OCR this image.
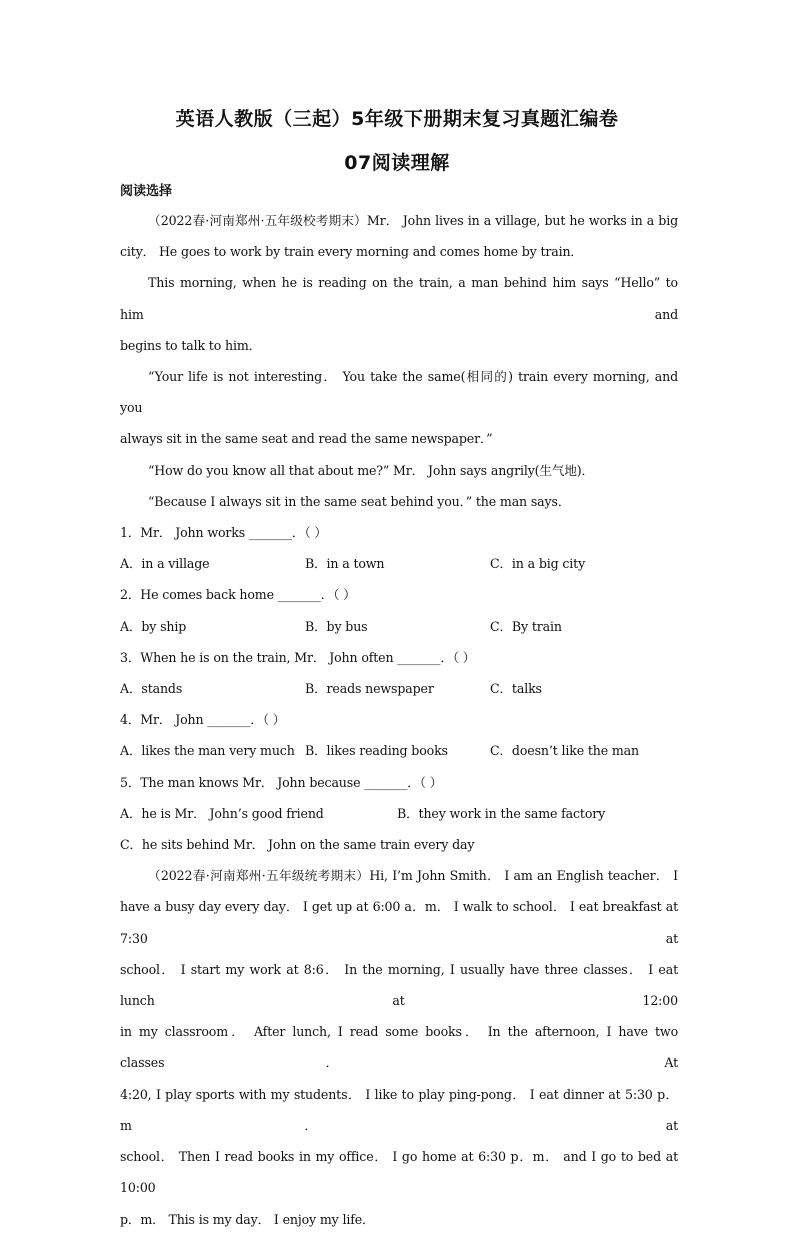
英语人教版（三起）5年级下册期末复习真题汇编卷
07阅读理解
阅读选择

（2022春·河南郑州·五年级校考期末）Mr． John lives in a village, but he works in a big

city． He goes to work by train every morning and comes home by train．

This morning, when he is reading on the train, a man behind him says “Hello” to him and

begins to talk to him．

“Your life is not interesting． You take the same(相同的) train every morning, and you

always sit in the same seat and read the same newspaper．”

“How do you know all that about me?” Mr． John says angrily(生气地)．

“Because I always sit in the same seat behind you．” the man says．

1．Mr． John works _______．（ ）

A．in a village	B．in a town	C．in a big city

2．He comes back home _______．（ ）

A．by ship	B．by bus	C．By train

3．When he is on the train, Mr． John often _______．（ ）

A．stands	B．reads newspaper	C．talks

4．Mr． John _______．（ ）

A．likes the man very much B．likes reading books	C．doesn’t like the man

5．The man knows Mr． John because _______．（ ）

A．he is Mr． John’s good friend	B．they work in the same factory

C．he sits behind Mr． John on the same train every day

（2022春·河南郑州·五年级统考期末）Hi, I’m John Smith． I am an English teacher． I

have a busy day every day． I get up at 6:00 a．m． I walk to school． I eat breakfast at 7:30 at

school． I start my work at 8:6． In the morning, I usually have three classes． I eat lunch at 12:00

in my classroom． After lunch, I read some books． In the afternoon, I have two classes． At

4:20, I play sports with my students． I like to play ping-pong． I eat dinner at 5:30 p．m． at

school． Then I read books in my office． I go home at 6:30 p．m． and I go to bed at 10:00

p．m． This is my day． I enjoy my life．
